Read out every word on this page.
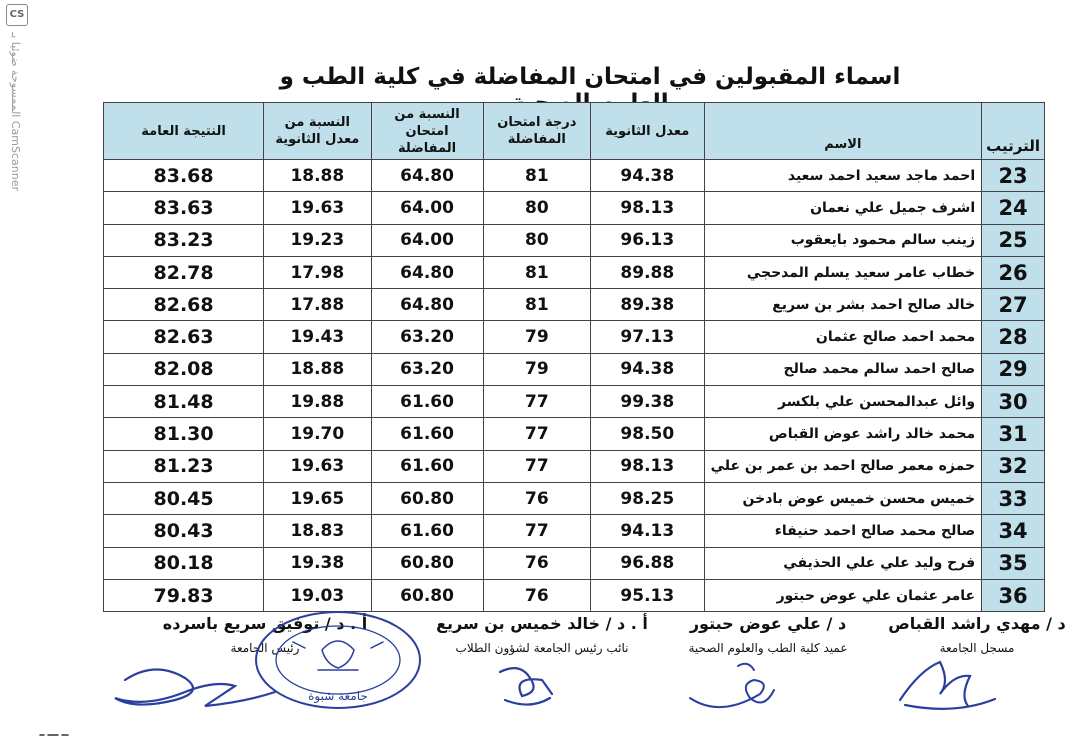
CS
الممسوحة ضوئيا بـ CamScanner
اسماء المقبولين في امتحان المفاضلة في كلية الطب و
الترتيب	الاسم	معدل الثانوية	درجة امتحان المفاضلة	النسبة من امتحان المفاضلة	النسبة من معدل الثانوية	النتيجة العامة
23	احمد ماجد سعيد احمد سعيد	94.38	81	64.80	18.88	83.68
24	اشرف جميل علي نعمان	98.13	80	64.00	19.63	83.63
25	زينب سالم محمود بايعقوب	96.13	80	64.00	19.23	83.23
26	خطاب عامر سعيد يسلم المدحجي	89.88	81	64.80	17.98	82.78
27	خالد صالح احمد بشر بن سريع	89.38	81	64.80	17.88	82.68
28	محمد احمد صالح عثمان	97.13	79	63.20	19.43	82.63
29	صالح احمد سالم محمد صالح	94.38	79	63.20	18.88	82.08
30	وائل عبدالمحسن علي بلكسر	99.38	77	61.60	19.88	81.48
31	محمد خالد راشد عوض القباص	98.50	77	61.60	19.70	81.30
32	حمزه معمر صالح احمد بن عمر بن علي	98.13	77	61.60	19.63	81.23
33	خميس محسن خميس عوض بادخن	98.25	76	60.80	19.65	80.45
34	صالح محمد صالح احمد حنيفاء	94.13	77	61.60	18.83	80.43
35	فرح وليد علي علي الحذيفي	96.88	76	60.80	19.38	80.18
36	عامر عثمان علي عوض حبتور	95.13	76	60.80	19.03	79.83
د / مهدي راشد القباص
مسجل الجامعة
د / علي عوض حبتور
عميد كلية الطب والعلوم الصحية
أ . د / خالد خميس بن سريع
نائب رئيس الجامعة لشؤون الطلاب
أ . د / توفيق سريع باسرده
رئيس الجامعة
جامعة شبوة
